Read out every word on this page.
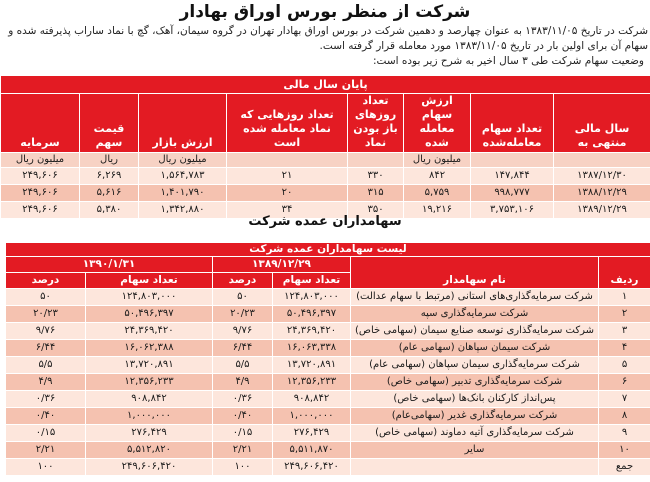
شرکت از منظر بورس اوراق بهادار

شرکت در تاریخ ۱۳۸۳/۱۱/۰۵ به عنوان چهارصد و دهمین شرکت در بورس اوراق بهادار تهران در گروه سیمان، آهک، گچ با نماد ساراب پذیرفته شده و

سهام آن برای اولین بار در تاریخ ۱۳۸۳/۱۱/۰۵ مورد معامله قرار گرفته است.

وضعیت سهام شرکت طی ۳ سال اخیر به شرح زیر بوده است:

پایان سال مالی							
سال مالی منتهی به	تعداد سهام معامله‌شده	ارزش سهام معامله شده	تعداد روزهای باز بودن نماد	تعداد روزهایی که نماد معامله شده است	ارزش بازار	قیمت سهم	سرمایه
		میلیون ریال			میلیون ریال	ریال	میلیون ریال
۱۳۸۷/۱۲/۳۰	۱۴۷,۸۴۴	۸۴۲	۳۳۰	۲۱	۱,۵۶۴,۷۸۳	۶,۲۶۹	۲۴۹,۶۰۶
۱۳۸۸/۱۲/۲۹	۹۹۸,۷۷۷	۵,۷۵۹	۳۱۵	۲۰	۱,۴۰۱,۷۹۰	۵,۶۱۶	۲۴۹,۶۰۶
۱۳۸۹/۱۲/۲۹	۳,۷۵۳,۱۰۶	۱۹,۲۱۶	۳۵۰	۳۴	۱,۳۴۲,۸۸۰	۵,۳۸۰	۲۴۹,۶۰۶
سهامداران عمده شرکت
لیست سهامداران عمده شرکت					
ردیف	نام سهامدار	۱۳۸۹/۱۲/۲۹		۱۳۹۰/۱/۳۱	
		تعداد سهام	درصد	تعداد سهام	درصد
۱	شرکت سرمایه‌گذاری‌های استانی (مرتبط با سهام عدالت)	۱۲۴,۸۰۳,۰۰۰	۵۰	۱۲۴,۸۰۳,۰۰۰	۵۰
۲	شرکت سرمایه‌گذاری سپه	۵۰,۴۹۶,۳۹۷	۲۰/۲۳	۵۰,۴۹۶,۳۹۷	۲۰/۲۳
۳	شرکت سرمایه‌گذاری توسعه صنایع سیمان (سهامی خاص)	۲۴,۳۶۹,۴۲۰	۹/۷۶	۲۴,۳۶۹,۴۲۰	۹/۷۶
۴	شرکت سیمان سپاهان (سهامی عام)	۱۶,۰۶۳,۳۳۸	۶/۴۴	۱۶,۰۶۲,۳۸۸	۶/۴۴
۵	شرکت سرمایه‌گذاری سیمان سپاهان (سهامی عام)	۱۳,۷۲۰,۸۹۱	۵/۵	۱۳,۷۲۰,۸۹۱	۵/۵
۶	شرکت سرمایه‌گذاری تدبیر (سهامی خاص)	۱۲,۳۵۶,۲۳۳	۴/۹	۱۲,۳۵۶,۲۳۳	۴/۹
۷	پس‌انداز کارکنان بانک‌ها (سهامی خاص)	۹۰۸,۸۴۲	۰/۳۶	۹۰۸,۸۴۲	۰/۳۶
۸	شرکت سرمایه‌گذاری غدیر (سهامی‌عام)	۱,۰۰۰,۰۰۰	۰/۴۰	۱,۰۰۰,۰۰۰	۰/۴۰
۹	شرکت سرمایه‌گذاری آتیه دماوند (سهامی خاص)	۲۷۶,۴۲۹	۰/۱۵	۲۷۶,۴۲۹	۰/۱۵
۱۰	سایر	۵,۵۱۱,۸۷۰	۲/۲۱	۵,۵۱۲,۸۲۰	۲/۲۱
جمع		۲۴۹,۶۰۶,۴۲۰	۱۰۰	۲۴۹,۶۰۶,۴۲۰	۱۰۰
